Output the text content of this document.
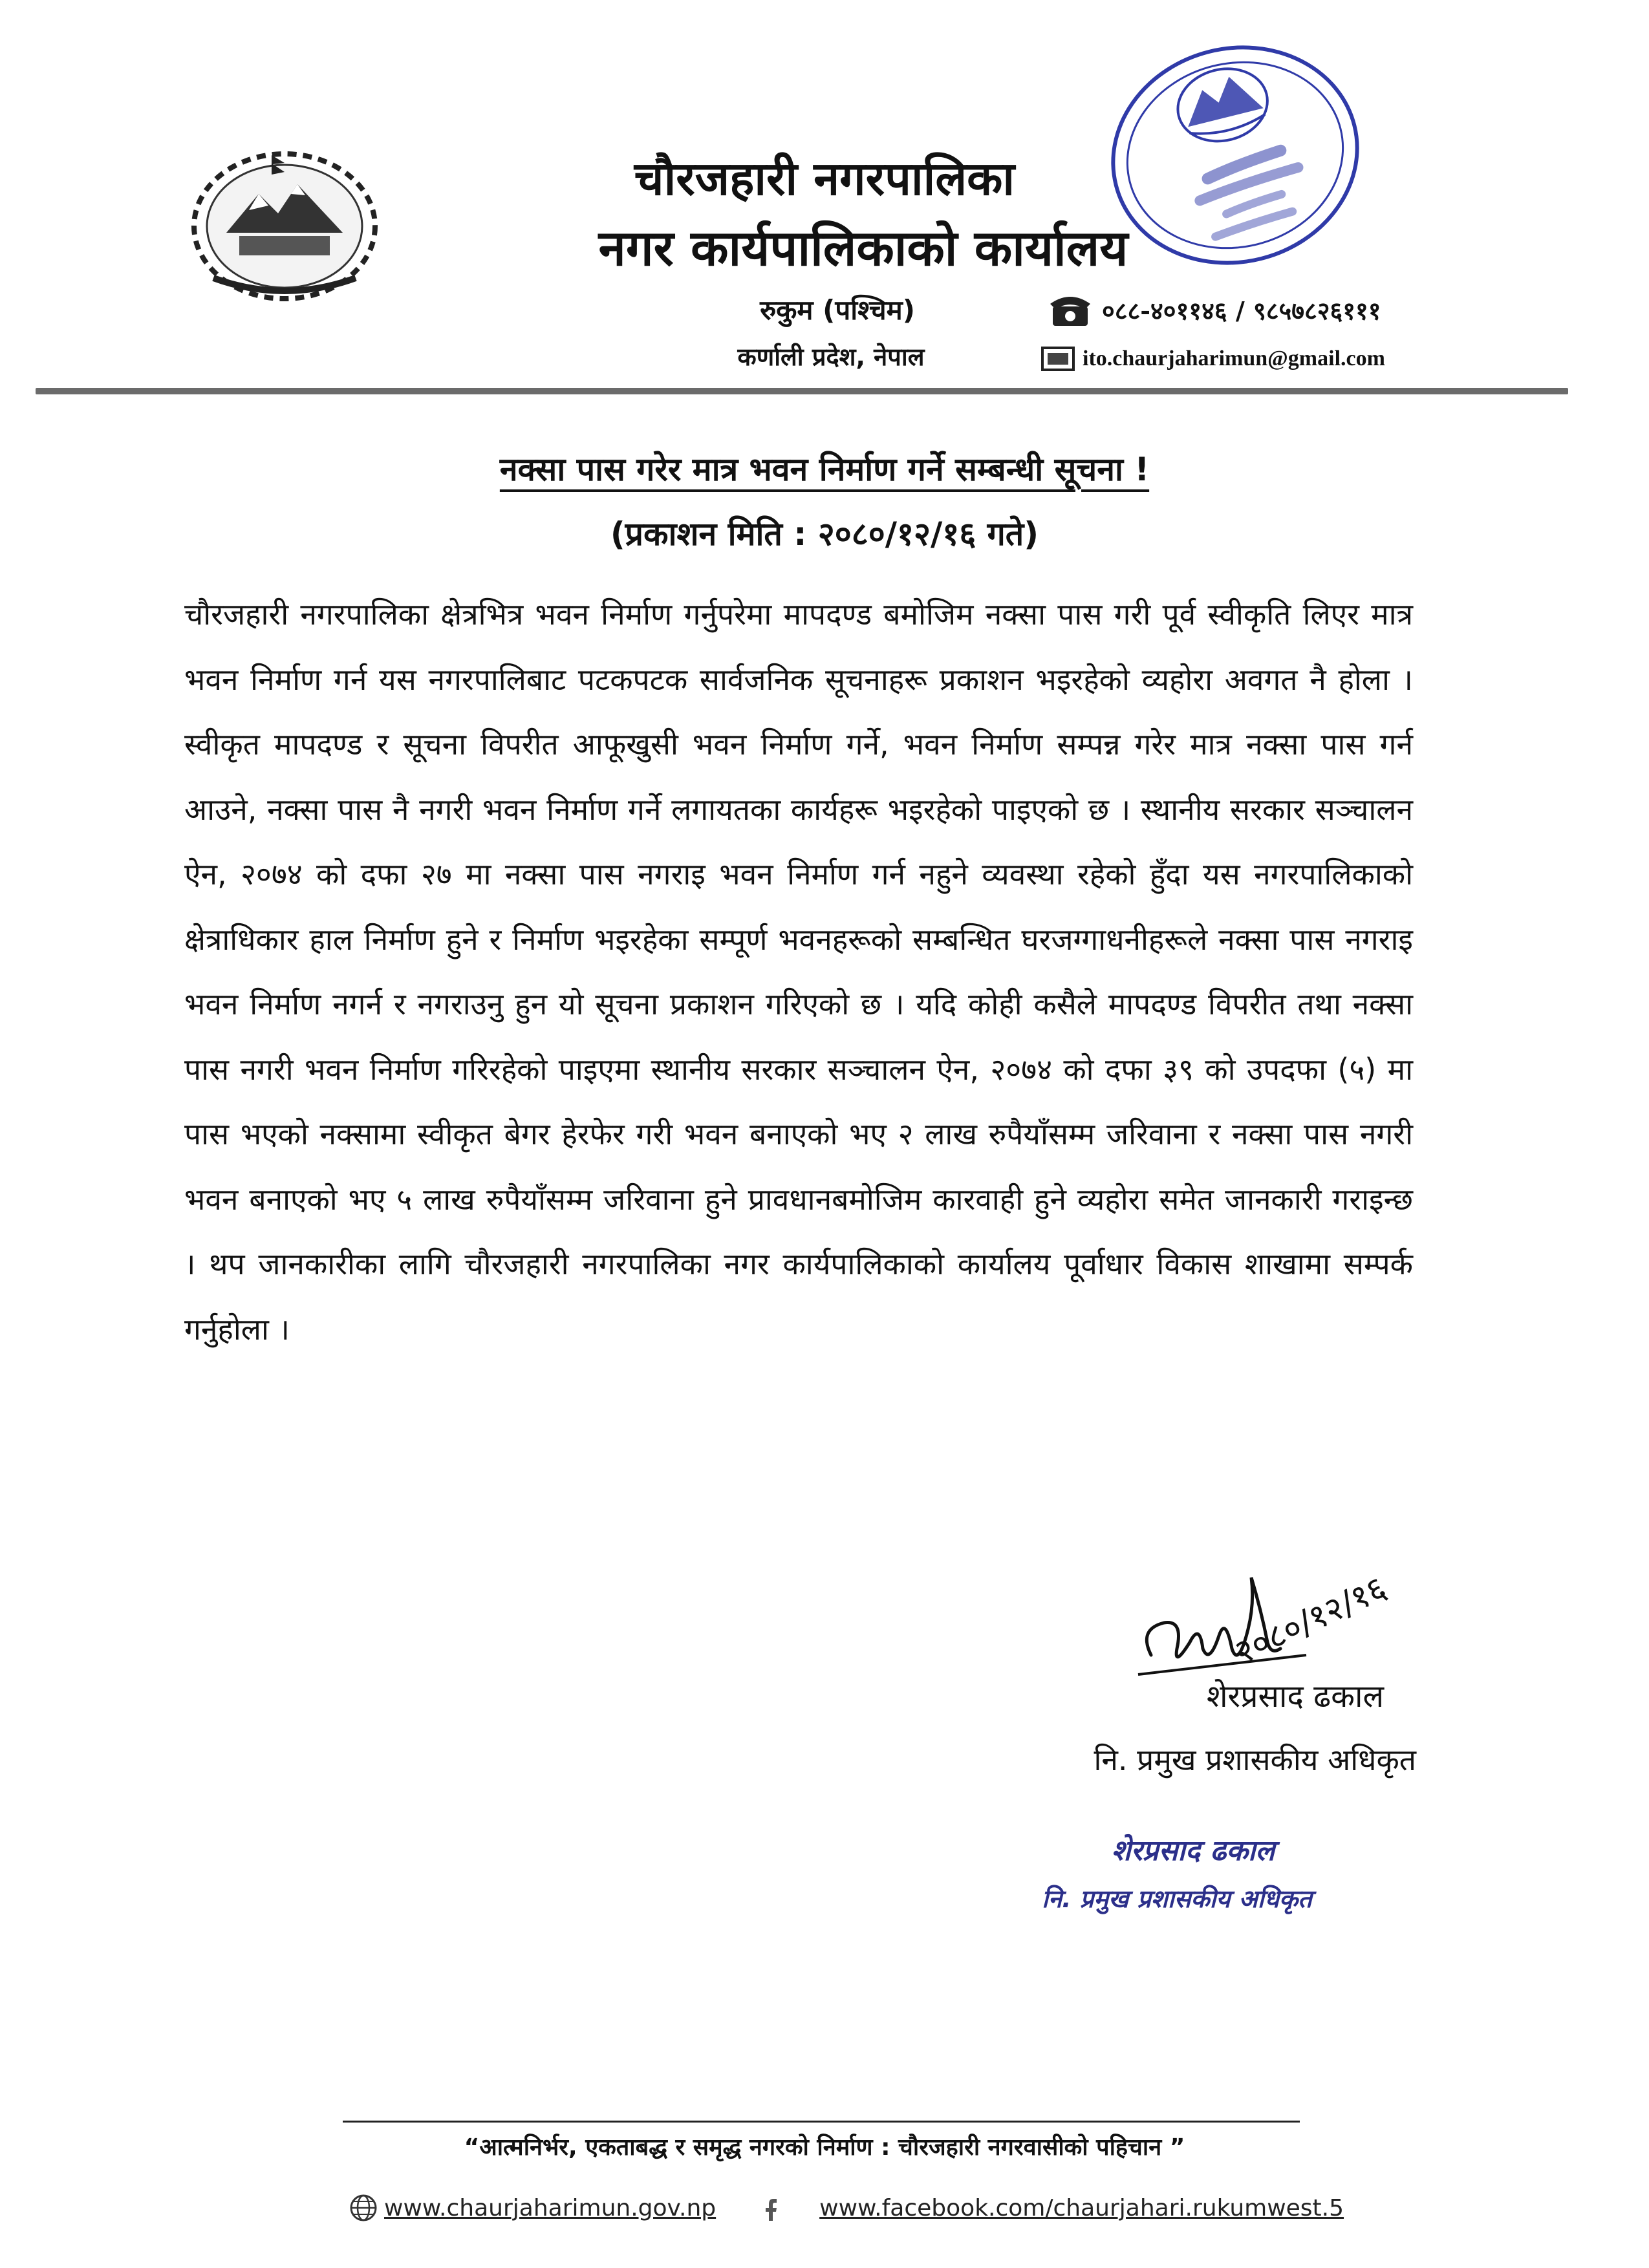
चौरजहारी नगरपालिका
नगर कार्यपालिकाको कार्यालय
रुकुम (पश्चिम)
कर्णाली प्रदेश, नेपाल
०८८-४०११४६ / ९८५७८२६१११
ito.chaurjaharimun@gmail.com
नक्सा पास गरेर मात्र भवन निर्माण गर्ने सम्बन्धी सूचना !
(प्रकाशन मिति : २०८०/१२/१६ गते)
चौरजहारी नगरपालिका क्षेत्रभित्र भवन निर्माण गर्नुपरेमा मापदण्ड बमोजिम नक्सा पास गरी पूर्व स्वीकृति लिएर मात्र भवन निर्माण गर्न यस नगरपालिबाट पटकपटक सार्वजनिक सूचनाहरू प्रकाशन भइरहेको व्यहोरा अवगत नै होला । स्वीकृत मापदण्ड र सूचना विपरीत आफूखुसी भवन निर्माण गर्ने, भवन निर्माण सम्पन्न गरेर मात्र नक्सा पास गर्न आउने, नक्सा पास नै नगरी भवन निर्माण गर्ने लगायतका कार्यहरू भइरहेको पाइएको छ । स्थानीय सरकार सञ्चालन ऐन, २०७४ को दफा २७ मा नक्सा पास नगराइ भवन निर्माण गर्न नहुने व्यवस्था रहेको हुँदा यस नगरपालिकाको क्षेत्राधिकार हाल निर्माण हुने र निर्माण भइरहेका सम्पूर्ण भवनहरूको सम्बन्धित घरजग्गाधनीहरूले नक्सा पास नगराइ भवन निर्माण नगर्न र नगराउनु हुन यो सूचना प्रकाशन गरिएको छ । यदि कोही कसैले मापदण्ड विपरीत तथा नक्सा पास नगरी भवन निर्माण गरिरहेको पाइएमा स्थानीय सरकार सञ्चालन ऐन, २०७४ को दफा ३९ को उपदफा (५) मा पास भएको नक्सामा स्वीकृत बेगर हेरफेर गरी भवन बनाएको भए २ लाख रुपैयाँसम्म जरिवाना र नक्सा पास नगरी भवन बनाएको भए ५ लाख रुपैयाँसम्म जरिवाना हुने प्रावधानबमोजिम कारवाही हुने व्यहोरा समेत जानकारी गराइन्छ । थप जानकारीका लागि चौरजहारी नगरपालिका नगर कार्यपालिकाको कार्यालय पूर्वाधार विकास शाखामा सम्पर्क गर्नुहोला ।
२०८०/१२/१६
शेरप्रसाद ढकाल
नि. प्रमुख प्रशासकीय अधिकृत
शेरप्रसाद ढकाल
नि. प्रमुख प्रशासकीय अधिकृत
“आत्मनिर्भर, एकताबद्ध र समृद्ध नगरको निर्माण : चौरजहारी नगरवासीको पहिचान ”
www.chaurjaharimun.gov.np	www.facebook.com/chaurjahari.rukumwest.5
